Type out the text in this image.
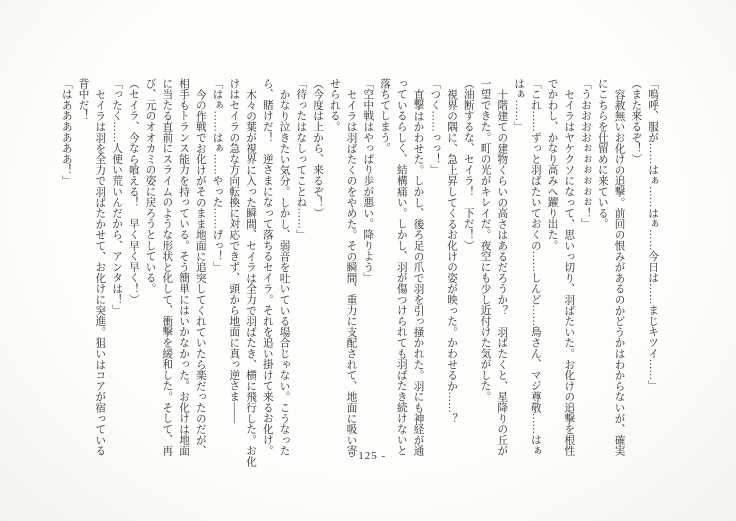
「嗚呼、服が……はぁ……はぁ……今日は……まじキツイ……」
（また来るぞ！）
容赦無いお化けの追撃。前回の恨みがあるのかどうかはわからないが、確実
にこちらを仕留めに来ている。
「うおおおおぉぉぉぉぉぉ！」
セイラはヤケクソになって、思いっ切り、羽ばたいた。お化けの追撃を根性
でかわし、かなり高みへ躍り出た。
「これ……ずっと羽ばたいておくの……しんど……鳥さん、マジ尊敬……はぁ
はぁ……」
十階建ての建物くらいの高さはあるだろうか？　羽ばたくと、星降りの丘が
一望できた。町の光がキレイだ。夜空にも少し近付けた気がした。
（油断するな、セイラ！　下だ！）
視界の隅に、急上昇してくるお化けの姿が映った。かわせるか……？
「つく……っっ！」
直撃はかわせた。しかし、後ろ足の爪で羽を引っ掻かれた。羽にも神経が通
っているらしく、結構痛い。しかし、羽が傷つけられても羽ばたき続けないと
落ちてしまう。
「空中戦はやっぱり歩が悪い。降りよう」
セイラは羽ばたくのをやめた。その瞬間、重力に支配されて、地面に吸い寄
せられる。
（今度は上から、来るぞ！）
「待ったはなしってことね……」
かなり泣きたい気分。しかし、弱音を吐いている場合じゃない。こうなった
ら、賭けだ！　逆さまになって落ちるセイラ。それを追い掛けて来るお化け。
木々の葉が視界に入った瞬間、セイラは全力で羽ばたき、横に飛行した。お化
けはセイラの急な方向転換に対応できず、頭から地面に真っ逆さま――
「はぁ……はぁ……やった……げっ！」
今の作戦でお化けがそのまま地面に追突してくれていたら楽だったのだが、
相手もトランス能力を持っている。そう簡単にはいかなかった。お化けは地面
に当たる直前にスライムのような形状と化して、衝撃を緩和した。そして、再
び、元のオオカミの姿に戻ろうとしている。
（セイラ、今なら喰える！　早く早く早く！）
「ったく……人使い荒いんだから、アンタは！」
セイラは羽を全力で羽ばたかせて、お化けに突進。狙いはコアが宿っている
背中だ！
「はああああああ！」
- 125 -
